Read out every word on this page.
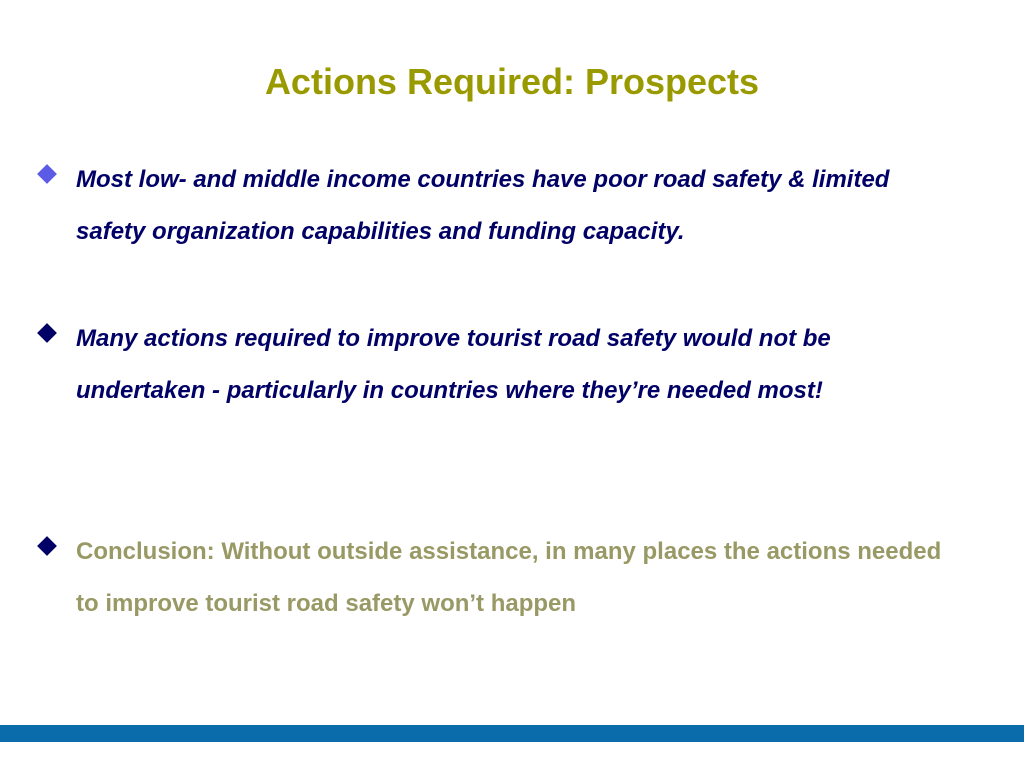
Actions Required: Prospects
Most low- and middle income countries have poor road safety & limited safety organization capabilities and funding capacity.
Many actions required to improve tourist road safety would not be undertaken - particularly in countries where they’re needed most!
Conclusion: Without outside assistance, in many places the actions needed to improve tourist road safety won’t happen
